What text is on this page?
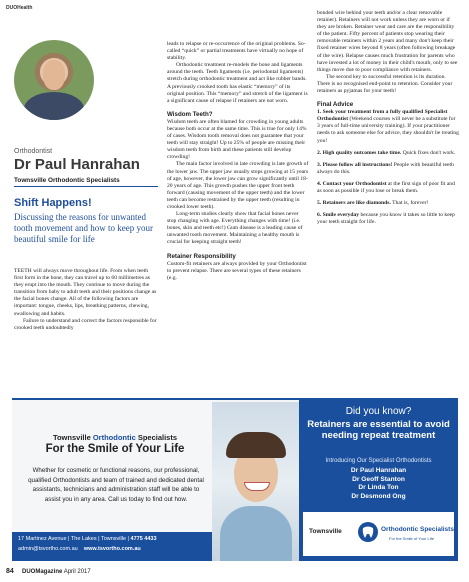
DUOHealth
Orthodontist
Dr Paul Hanrahan
Townsville Orthodontic Specialists
Shift Happens!
Discussing the reasons for unwanted tooth movement and how to keep your beautiful smile for life

TEETH will always move throughout life. From when teeth first form in the bone, they can travel up to 60 millimetres as they erupt into the mouth. They continue to move during the transition from baby to adult teeth and their positions change as the facial bones change. All of the following factors are important: tongue, cheeks, lips, breathing patterns, chewing, swallowing and habits.

Failure to understand and correct the factors responsible for crooked teeth undoubtedly

leads to relapse or re-occurrence of the original problems. So-called “quick” or partial treatments have virtually no hope of stability.

Orthodontic treatment re-models the bone and ligaments around the teeth. Teeth ligaments (i.e. periodontal ligaments) stretch during orthodontic treatment and act like rubber bands. A previously crooked tooth has elastic “memory” of its original position. This “memory” and stretch of the ligament is a significant cause of relapse if retainers are not worn.

Wisdom Teeth?

Wisdom teeth are often blamed for crowding in young adults because both occur at the same time. This is true for only 14% of cases. Wisdom tooth removal does not guarantee that your teeth will stay straight! Up to 25% of people are missing their wisdom teeth from birth and these patients still develop crowding!

The main factor involved in late crowding is late growth of the lower jaw. The upper jaw usually stops growing at 15 years of age, however, the lower jaw can grow significantly until 18-20 years of age. This growth pushes the upper front teeth forward (causing movement of the upper teeth) and the lower teeth can become restrained by the upper teeth (resulting in crooked lower teeth).

Long-term studies clearly show that facial bones never stop changing with age. Everything changes with time! (i.e. bones, skin and teeth etc!) Gum disease is a leading cause of unwanted tooth movement. Maintaining a healthy mouth is crucial for keeping straight teeth!

Retainer Responsibility

Custom-fit retainers are always provided by your Orthodontist to prevent relapse. There are several types of these retainers (e.g.

bonded wire behind your teeth and/or a clear removable retainer). Retainers will not work unless they are worn or if they are broken. Retainer wear and care are the responsibility of the patient. Fifty percent of patients stop wearing their removable retainers within 2 years and many don't keep their fixed retainer wires beyond 8 years (often following breakage of the wire). Relapse causes much frustration for parents who have invested a lot of money in their child's mouth, only to see things move due to poor compliance with retainers.

The second key to successful retention is its duration. There is no recognised end-point to retention. Consider your retainers as pyjamas for your teeth!

Final Advice

1. Seek your treatment from a fully qualified Specialist Orthodontist (Weekend courses will never be a substitute for 3 years of full-time university training). If your practitioner needs to ask someone else for advice, they shouldn't be treating you!

2. High quality outcomes take time. Quick fixes don't work.

3. Please follow all instructions! People with beautiful teeth always do this.

4. Contact your Orthodontist at the first sign of poor fit and as soon as possible if you lose or break them.

5. Retainers are like diamonds. That is, forever!

6. Smile everyday because you know it takes so little to keep your teeth straight for life.

Townsville Orthodontic Specialists
For the Smile of Your Life
Whether for cosmetic or functional reasons, our professional, qualified Orthodontists and team of trained and dedicated dental assistants, technicians and administration staff will be able to assist you in any area. Call us today to find out how.
17 Martinez Avenue | The Lakes | Townsville | 4775 4433
admin@tsvortho.com.au www.tsvortho.com.au
Did you know?
Retainers are essential to avoid needing repeat treatment
Introducing Our Specialist Orthodontists
Dr Paul Hanrahan
Dr Geoff Stanton
Dr Linda Ton
Dr Desmond Ong
Townsville	Orthodontic Specialists
For the Smile of Your Life
84 DUOMagazine April 2017
